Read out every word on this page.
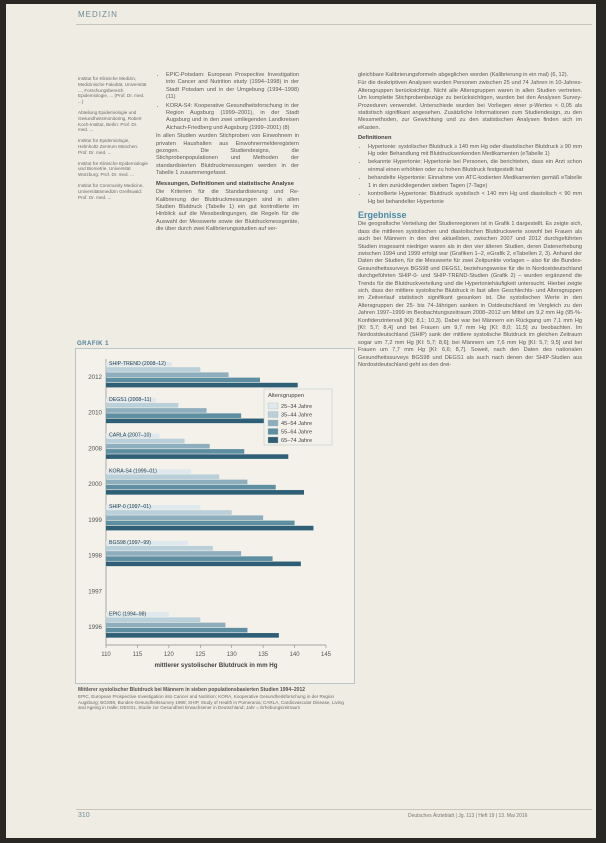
MEDIZIN
Institut für Klinische Medizin, Medizinische Fakultät, Universität ..., Forschungsbereich Epidemiologie, ... (Prof. Dr. med. ...)
Abteilung Epidemiologie und Gesundheitsmonitoring, Robert Koch-Institut, Berlin: Prof. Dr. med. ...
Institut für Epidemiologie, Helmholtz Zentrum München: Prof. Dr. med. ...
Institut für Klinische Epidemiologie und Biometrie, Universität Würzburg: Prof. Dr. med. ...
Institut für Community Medicine, Universitätsmedizin Greifswald: Prof. Dr. med. ...
• EPIC-Potsdam: European Prospective Investigation into Cancer and Nutrition study (1994–1998) in der Stadt Potsdam und in der Umgebung (1994–1998) (11)
• KORA-S4: Kooperative Gesundheitsforschung in der Region Augsburg (1999–2001), in der Stadt Augsburg und in den zwei umliegenden Landkreisen Aichach-Friedberg und Augsburg (1999–2001) (8)

In allen Studien wurden Stichproben von Einwohnern in privaten Haushalten aus Einwohnermelderegistern gezogen. Die Studiendesigns, die Stichprobenpopulationen und Methoden der standardisierten Blutdruckmessungen werden in der Tabelle 1 zusammengefasst.

Messungen, Definitionen und statistische Analyse

Die Kriterien für die Standardisierung und Re-Kalibrierung der Blutdruckmessungen sind in allen Studien Blutdruck (Tabelle 1) ein gut kontrollierte im Hinblick auf die Messbedingungen, die Regeln für die Auswahl der Messwerte sowie der Blutdruckmessgeräte, die über durch zwei Kalibrierungsstudien auf ver-

gleichbare Kalibrierungsformeln abgeglichen worden (Kalibrierung in ein mal) (6, 12).

Für die deskriptiven Analysen wurden Personen zwischen 25 und 74 Jahren in 10-Jahres-Altersgruppen berücksichtigt. Nicht alle Altersgruppen waren in allen Studien vertreten. Um komplette Stichprobenbezüge zu berücksichtigen, wurden bei den Analysen Survey-Prozeduren verwendet. Unterschiede wurden bei Vorliegen einer p-Wertes < 0,05 als statistisch signifikant angesehen. Zusätzliche Informationen zum Studiendesign, zu den Messmethoden, zur Gewichtung und zu den statistischen Analysen finden sich im eKasten.

Definitionen
• Hypertonie: systolischer Blutdruck ≥ 140 mm Hg oder diastolischer Blutdruck ≥ 90 mm Hg oder Behandlung mit Blutdrucksenkenden Medikamenten (eTabelle 1)
• bekannte Hypertonie: Hypertonie bei Personen, die berichteten, dass ein Arzt schon einmal einen erhöhten oder zu hohen Blutdruck festgestellt hat
• behandelte Hypertonie: Einnahme von ATC-kodierten Medikamenten gemäß eTabelle 1 in den zurückliegenden sieben Tagen (7-Tage)
• kontrollierte Hypertonie: Blutdruck systolisch < 140 mm Hg und diastolisch < 90 mm Hg bei behandelter Hypertonie
Ergebnisse

Die geografische Verteilung der Studienregionen ist in Grafik 1 dargestellt. Es zeigte sich, dass die mittleren systolischen und diastolischen Blutdruckwerte sowohl bei Frauen als auch bei Männern in den drei aktuellsten, zwischen 2007 und 2012 durchgeführten Studien insgesamt niedriger waren als in den vier älteren Studien, deren Datenerhebung zwischen 1994 und 1999 erfolgt war (Grafiken 1–2, eGrafik 2, eTabellen 2, 3). Anhand der Daten der Studien, für die Messwerte für zwei Zeitpunkte vorlagen – also für die Bundes-Gesundheitssurveys BGS98 und DEGS1, beziehungsweise für die in Nordostdeutschland durchgeführten SHIP-0- und SHIP-TREND-Studien (Grafik 2) – wurden ergänzend die Trends für die Blutdruckverteilung und die Hypertoniehäufigkeit untersucht. Hierbei zeigte sich, dass der mittlere systolische Blutdruck in fast allen Geschlechts- und Altersgruppen im Zeitverlauf statistisch signifikant gesunken ist. Die systolischen Werte in den Altersgruppen der 25- bis 74-Jährigen sanken in Ostdeutschland im Vergleich zu den Jahren 1997–1999 im Beobachtungszeitraum 2008–2012 um Mittel um 9,2 mm Hg (95-%-Konfidenzintervall [KI]: 8,1; 10,3). Dabei war bei Männern ein Rückgang um 7,1 mm Hg [KI: 5,7; 8,4] und bei Frauen um 9,7 mm Hg [KI: 8,0; 11,5] zu beobachten. Im Nordostdeutschland (SHIP) sank der mittlere systolische Blutdruck im gleichen Zeitraum sogar um 7,2 mm Hg [KI: 5,7; 8,6]; bei Männern um 7,6 mm Hg [KI: 5,7; 9,5] und bei Frauen um 7,7 mm Hg [KI: 6,6; 8,7]. Soweit, nach den Daten des nationalen Gesundheitssurveys BGS98 und DEGS1 als auch nach denen der SHIP-Studien aus Nordostdeutschland geht es den drei-

GRAFIK 1
110	115	120	125	130	135	140	145
mittlerer systolischer Blutdruck in mm Hg
2012
2010
2008
2000
1999
1998
1997
1996
SHIP-TREND (2008–12)
DEGS1 (2008–11)
CARLA (2007–10)
KORA-S4 (1999–01)
SHIP-0 (1997–01)
BGS98 (1997–99)
EPIC (1994–98)
Altersgruppen
25–34 Jahre
35–44 Jahre
45–54 Jahre
55–64 Jahre
65–74 Jahre
Mittlerer systolischer Blutdruck bei Männern in sieben populationsbasierten Studien 1994–2012
EPIC, European Prospective Investigation into Cancer and Nutrition; KORA, Kooperative Gesundheitsforschung in der Region Augsburg; BGS98, Bundes-Gesundheitssurvey 1998; SHIP, Study of Health in Pomerania; CARLA, Cardiovascular Disease, Living and Ageing in Halle; DEGS1, Studie zur Gesundheit Erwachsener in Deutschland; Jahr = Erhebungszeitraum
310	Deutsches Ärzteblatt | Jg. 113 | Heft 19 | 13. Mai 2016
